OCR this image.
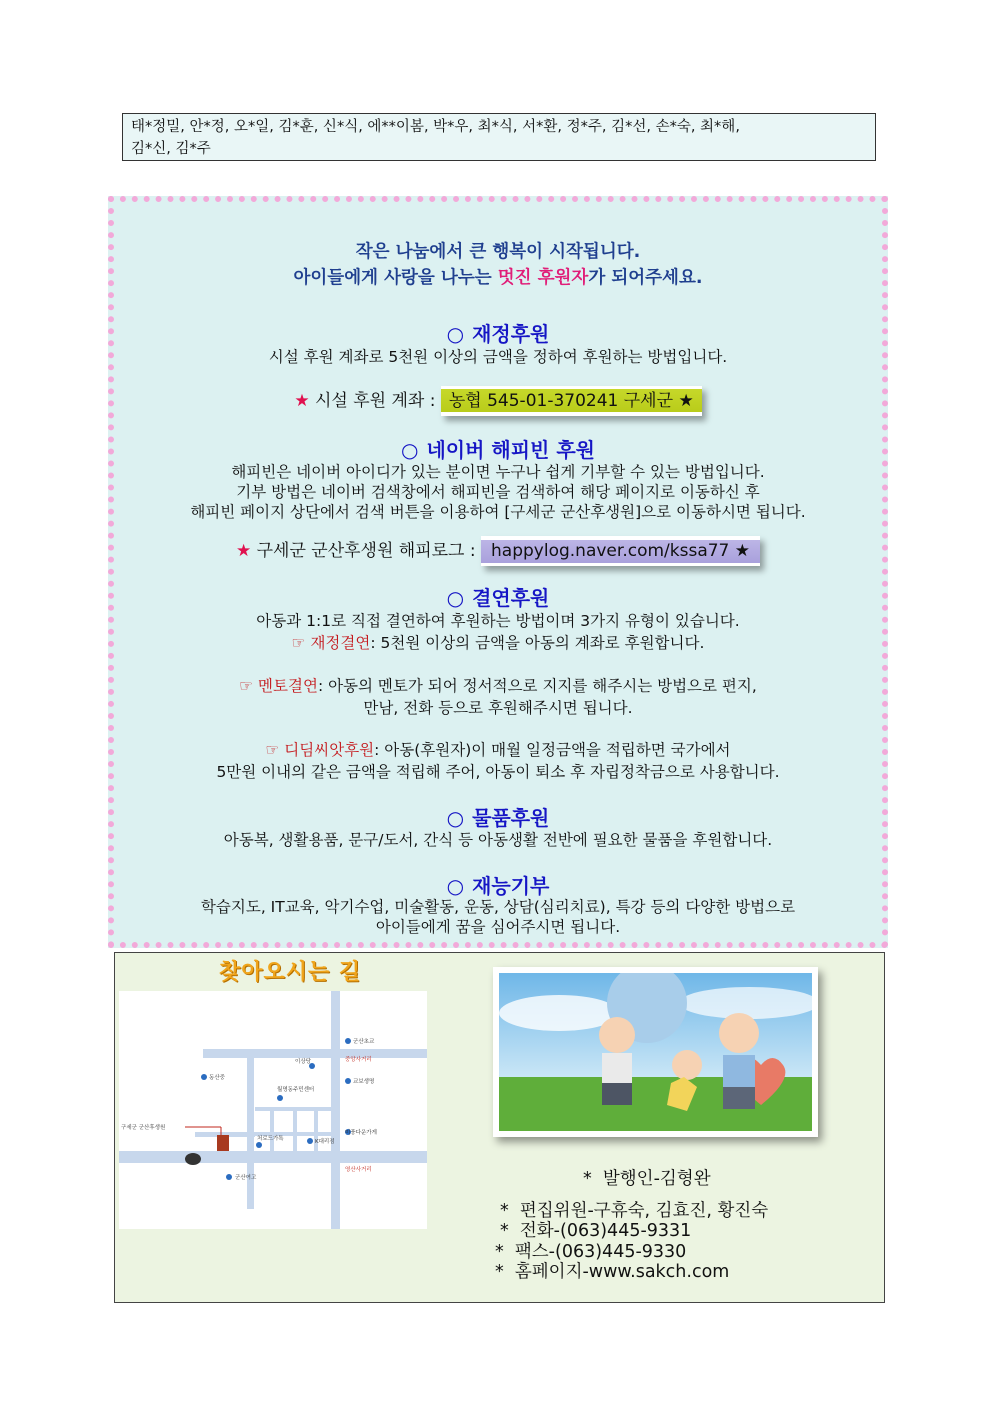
태*정밀, 안*정, 오*일, 김*훈, 신*식, 에**이봄, 박*우, 최*식, 서*환, 정*주, 김*선, 손*숙, 최*해,
김*신, 김*주
작은 나눔에서 큰 행복이 시작됩니다.
아이들에게 사랑을 나누는 멋진 후원자가 되어주세요.
○ 재정후원
시설 후원 계좌로 5천원 이상의 금액을 정하여 후원하는 방법입니다.
★ 시설 후원 계좌 : 농협 545-01-370241 구세군 ★
○ 네이버 해피빈 후원
해피빈은 네이버 아이디가 있는 분이면 누구나 쉽게 기부할 수 있는 방법입니다.
기부 방법은 네이버 검색창에서 해피빈을 검색하여 해당 페이지로 이동하신 후
해피빈 페이지 상단에서 검색 버튼을 이용하여 [구세군 군산후생원]으로 이동하시면 됩니다.
★ 구세군 군산후생원 해피로그 : happylog.naver.com/kssa77 ★
○ 결연후원
아동과 1:1로 직접 결연하여 후원하는 방법이며 3가지 유형이 있습니다.
☞ 재정결연: 5천원 이상의 금액을 아동의 계좌로 후원합니다.
☞ 멘토결연: 아동의 멘토가 되어 정서적으로 지지를 해주시는 방법으로 편지,
만남, 전화 등으로 후원해주시면 됩니다.
☞ 디딤씨앗후원: 아동(후원자)이 매월 일정금액을 적립하면 국가에서
5만원 이내의 같은 금액을 적립해 주어, 아동이 퇴소 후 자립정착금으로 사용합니다.
○ 물품후원
아동복, 생활용품, 문구/도서, 간식 등 아동생활 전반에 필요한 물품을 후원합니다.
○ 재능기부
학습지도, IT교육, 악기수업, 미술활동, 운동, 상담(심리치료), 특강 등의 다양한 방법으로
아이들에게 꿈을 심어주시면 됩니다.
찾아오시는 길
군산초교
이상당	중앙사거리
동산중
교보생명
월명동주민센터
구세군 군산후생원
미풍다운가게
처로드가톡	K대리점
군산여고
영산사거리	*  발행인-김형완
*  편집위원-구휴숙, 김효진, 황진숙
*  전화-(063)445-9331
*  팩스-(063)445-9330
*  홈페이지-www.sakch.com
